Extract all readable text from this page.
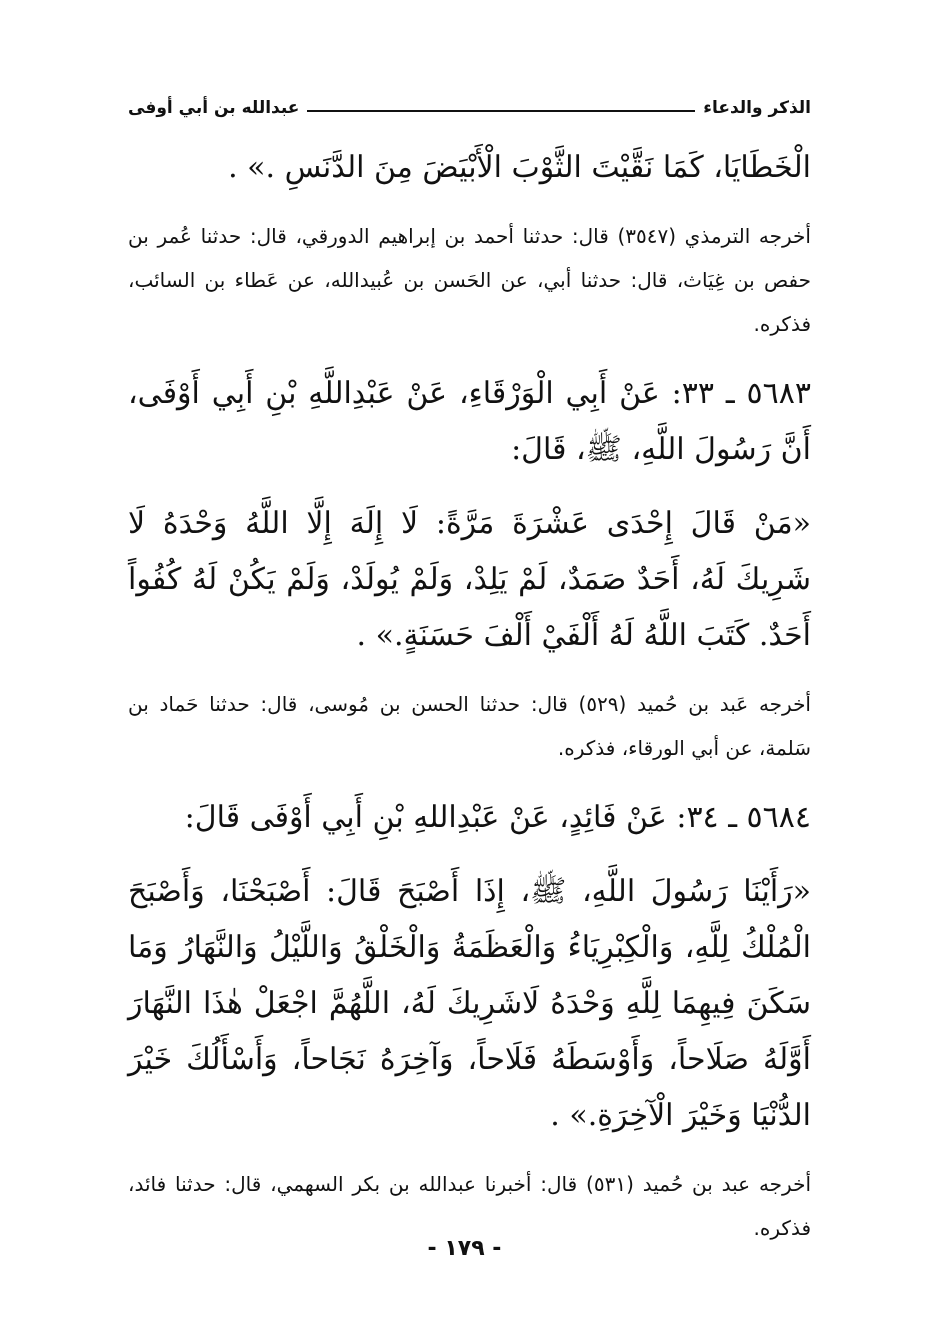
الذكر والدعاء
عبدالله بن أبي أوفى

الْخَطَايَا، كَمَا نَقَّيْتَ الثَّوْبَ الْأَبْيَضَ مِنَ الدَّنَسِ .» .

أخرجه الترمذي (٣٥٤٧) قال: حدثنا أحمد بن إبراهيم الدورقي، قال: حدثنا عُمر بن حفص بن غِيَاث، قال: حدثنا أبي، عن الحَسن بن عُبيدالله، عن عَطاء بن السائب، فذكره.

٥٦٨٣ ـ ٣٣: عَنْ أَبِي الْوَرْقَاءِ، عَنْ عَبْدِاللَّهِ بْنِ أَبِي أَوْفَى، أَنَّ رَسُولَ اللَّهِ، ﷺ، قَالَ:

«مَنْ قَالَ إِحْدَى عَشْرَةَ مَرَّةً: لَا إِلَهَ إِلَّا اللَّهُ وَحْدَهُ لَا شَرِيكَ لَهُ، أَحَدٌ صَمَدٌ، لَمْ يَلِدْ، وَلَمْ يُولَدْ، وَلَمْ يَكُنْ لَهُ كُفُواً أَحَدٌ. كَتَبَ اللَّهُ لَهُ أَلْفَيْ أَلْفَ حَسَنَةٍ.» .

أخرجه عَبد بن حُميد (٥٢٩) قال: حدثنا الحسن بن مُوسى، قال: حدثنا حَماد بن سَلمة، عن أبي الورقاء، فذكره.

٥٦٨٤ ـ ٣٤: عَنْ فَائِدٍ، عَنْ عَبْدِاللهِ بْنِ أَبِي أَوْفَى قَالَ:

«رَأَيْنَا رَسُولَ اللَّهِ، ﷺ، إِذَا أَصْبَحَ قَالَ: أَصْبَحْنَا، وَأَصْبَحَ الْمُلْكُ لِلَّهِ، وَالْكِبْرِيَاءُ وَالْعَظَمَةُ وَالْخَلْقُ وَاللَّيْلُ وَالنَّهَارُ وَمَا سَكَنَ فِيهِمَا لِلَّهِ وَحْدَهُ لَاشَرِيكَ لَهُ، اللَّهُمَّ اجْعَلْ هٰذَا النَّهَارَ أَوَّلَهُ صَلَاحاً، وَأَوْسَطَهُ فَلَاحاً، وَآخِرَهُ نَجَاحاً، وَأَسْأَلُكَ خَيْرَ الدُّنْيَا وَخَيْرَ الْآخِرَةِ.» .

أخرجه عبد بن حُميد (٥٣١) قال: أخبرنا عبدالله بن بكر السهمي، قال: حدثنا فائد، فذكره.

- ١٧٩ -
